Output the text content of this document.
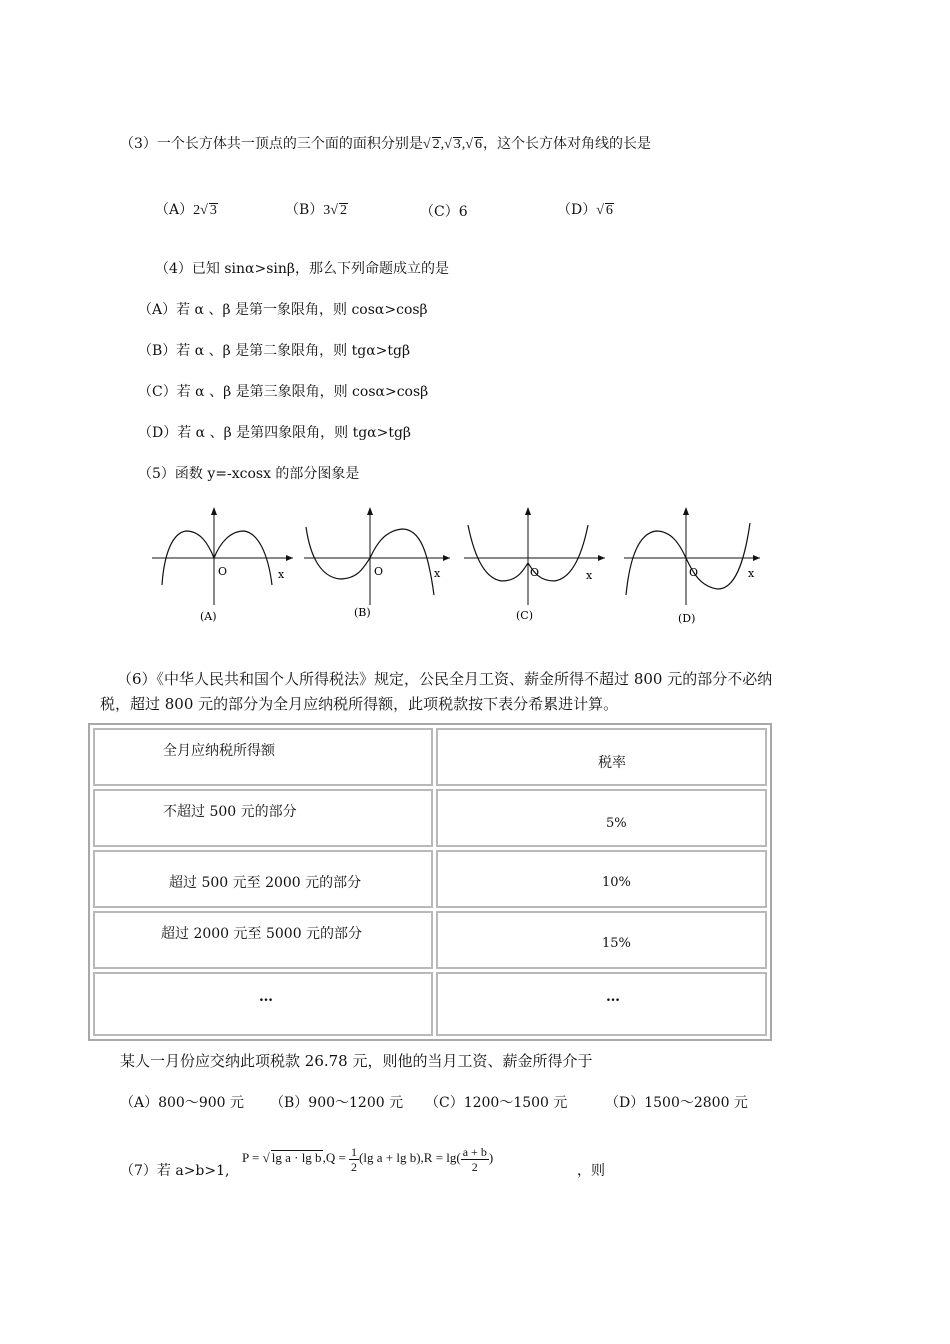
（3）一个长方体共一顶点的三个面的面积分别是√ 2,√ 3,√ 6，这个长方体对角线的长是
（A）2√ 3	（B）3√ 2	（C）6	（D）√ 6
（4）已知 sinα>sinβ，那么下列命题成立的是
（A）若 α 、β 是第一象限角，则 cosα>cosβ
（B）若 α 、β 是第二象限角，则 tgα>tgβ
（C）若 α 、β 是第三象限角，则 cosα>cosβ
（D）若 α 、β 是第四象限角，则 tgα>tgβ
（5）函数 y=-xcosx 的部分图象是
O	x
(A)
O	x
(B)
O	x
(C)
O	x
(D)
（6）《中华人民共和国个人所得税法》规定，公民全月工资、薪金所得不超过 800 元的部分不必纳
税，超过 800 元的部分为全月应纳税所得额，此项税款按下表分希累进计算。
全月应纳税所得额	税率

不超过 500 元的部分	5%

超过 500 元至 2000 元的部分	10%

超过 2000 元至 5000 元的部分	15%

…	…
某人一月份应交纳此项税款 26.78 元，则他的当月工资、薪金所得介于
（A）800～900 元 （B）900～1200 元 （C）1200～1500 元	（D）1500～2800 元
（7）若 a>b>1,
P = √ $\lg a \cdot \lg b,Q = \frac{1}{2} (\lg$ $a + \lg b),R = \lg( \frac{a + b}{2}$ )
，则
